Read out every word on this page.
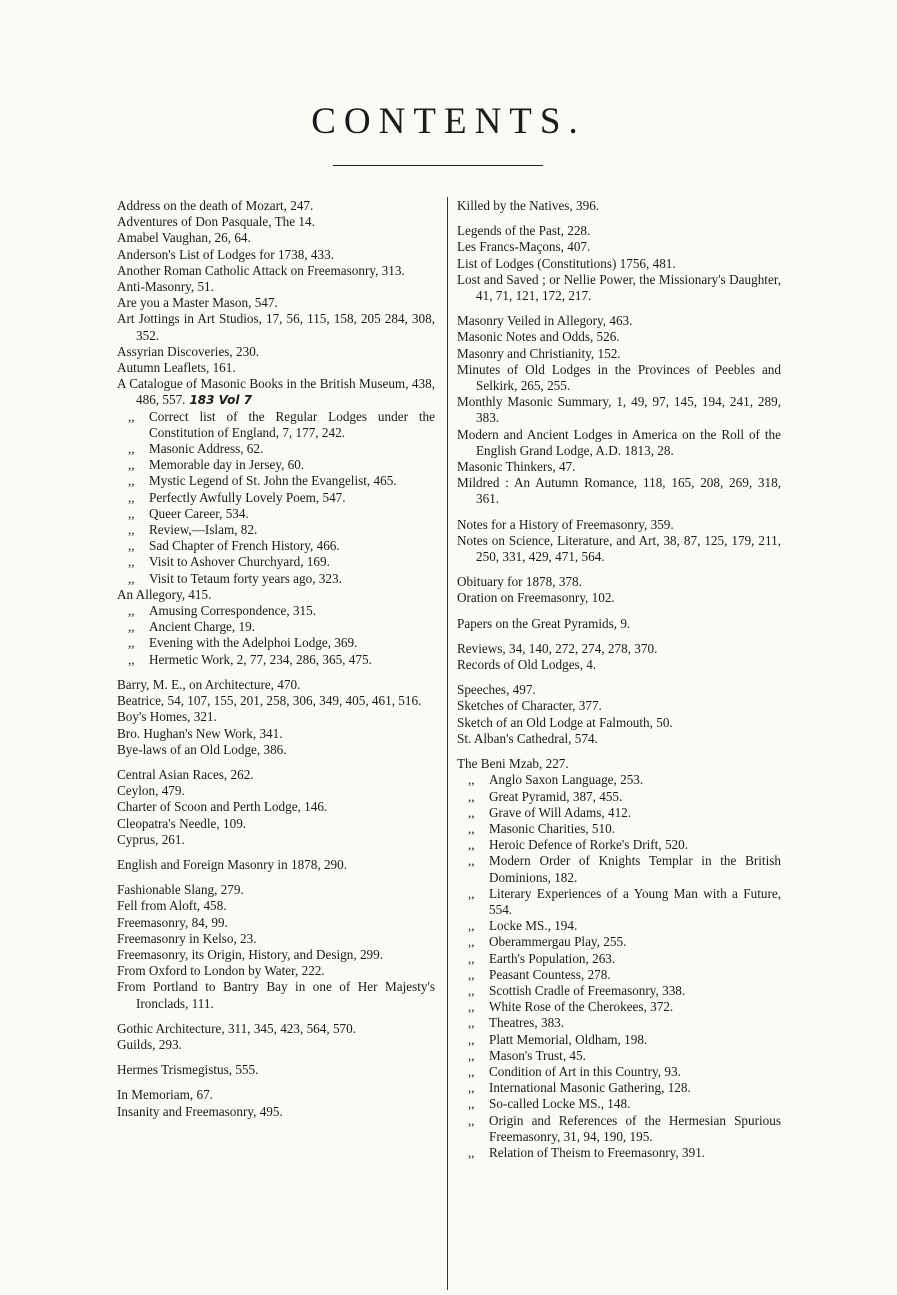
CONTENTS.
Address on the death of Mozart, 247.
Adventures of Don Pasquale, The 14.
Amabel Vaughan, 26, 64.
Anderson's List of Lodges for 1738, 433.
Another Roman Catholic Attack on Freemasonry, 313.
Anti-Masonry, 51.
Are you a Master Mason, 547.
Art Jottings in Art Studios, 17, 56, 115, 158, 205 284, 308, 352.
Assyrian Discoveries, 230.
Autumn Leaflets, 161.
A Catalogue of Masonic Books in the British Museum, 438, 486, 557. 183 Vol 7
,, Correct list of the Regular Lodges under the Constitution of England, 7, 177, 242.
,, Masonic Address, 62.
,, Memorable day in Jersey, 60.
,, Mystic Legend of St. John the Evangelist, 465.
,, Perfectly Awfully Lovely Poem, 547.
,, Queer Career, 534.
,, Review,—Islam, 82.
,, Sad Chapter of French History, 466.
,, Visit to Ashover Churchyard, 169.
,, Visit to Tetaum forty years ago, 323.
An Allegory, 415.
,, Amusing Correspondence, 315.
,, Ancient Charge, 19.
,, Evening with the Adelphoi Lodge, 369.
,, Hermetic Work, 2, 77, 234, 286, 365, 475.
Barry, M. E., on Architecture, 470.
Beatrice, 54, 107, 155, 201, 258, 306, 349, 405, 461, 516.
Boy's Homes, 321.
Bro. Hughan's New Work, 341.
Bye-laws of an Old Lodge, 386.
Central Asian Races, 262.
Ceylon, 479.
Charter of Scoon and Perth Lodge, 146.
Cleopatra's Needle, 109.
Cyprus, 261.
English and Foreign Masonry in 1878, 290.
Fashionable Slang, 279.
Fell from Aloft, 458.
Freemasonry, 84, 99.
Freemasonry in Kelso, 23.
Freemasonry, its Origin, History, and Design, 299.
From Oxford to London by Water, 222.
From Portland to Bantry Bay in one of Her Majesty's Ironclads, 111.
Gothic Architecture, 311, 345, 423, 564, 570.
Guilds, 293.
Hermes Trismegistus, 555.
In Memoriam, 67.
Insanity and Freemasonry, 495.
Killed by the Natives, 396.
Legends of the Past, 228.
Les Francs-Maçons, 407.
List of Lodges (Constitutions) 1756, 481.
Lost and Saved ; or Nellie Power, the Missionary's Daughter, 41, 71, 121, 172, 217.
Masonry Veiled in Allegory, 463.
Masonic Notes and Odds, 526.
Masonry and Christianity, 152.
Minutes of Old Lodges in the Provinces of Peebles and Selkirk, 265, 255.
Monthly Masonic Summary, 1, 49, 97, 145, 194, 241, 289, 383.
Modern and Ancient Lodges in America on the Roll of the English Grand Lodge, A.D. 1813, 28.
Masonic Thinkers, 47.
Mildred : An Autumn Romance, 118, 165, 208, 269, 318, 361.
Notes for a History of Freemasonry, 359.
Notes on Science, Literature, and Art, 38, 87, 125, 179, 211, 250, 331, 429, 471, 564.
Obituary for 1878, 378.
Oration on Freemasonry, 102.
Papers on the Great Pyramids, 9.
Reviews, 34, 140, 272, 274, 278, 370.
Records of Old Lodges, 4.
Speeches, 497.
Sketches of Character, 377.
Sketch of an Old Lodge at Falmouth, 50.
St. Alban's Cathedral, 574.
The Beni Mzab, 227.
,, Anglo Saxon Language, 253.
,, Great Pyramid, 387, 455.
,, Grave of Will Adams, 412.
,, Masonic Charities, 510.
,, Heroic Defence of Rorke's Drift, 520.
,, Modern Order of Knights Templar in the British Dominions, 182.
,, Literary Experiences of a Young Man with a Future, 554.
,, Locke MS., 194.
,, Oberammergau Play, 255.
,, Earth's Population, 263.
,, Peasant Countess, 278.
,, Scottish Cradle of Freemasonry, 338.
,, White Rose of the Cherokees, 372.
,, Theatres, 383.
,, Platt Memorial, Oldham, 198.
,, Mason's Trust, 45.
,, Condition of Art in this Country, 93.
,, International Masonic Gathering, 128.
,, So-called Locke MS., 148.
,, Origin and References of the Hermesian Spurious Freemasonry, 31, 94, 190, 195.
,, Relation of Theism to Freemasonry, 391.
